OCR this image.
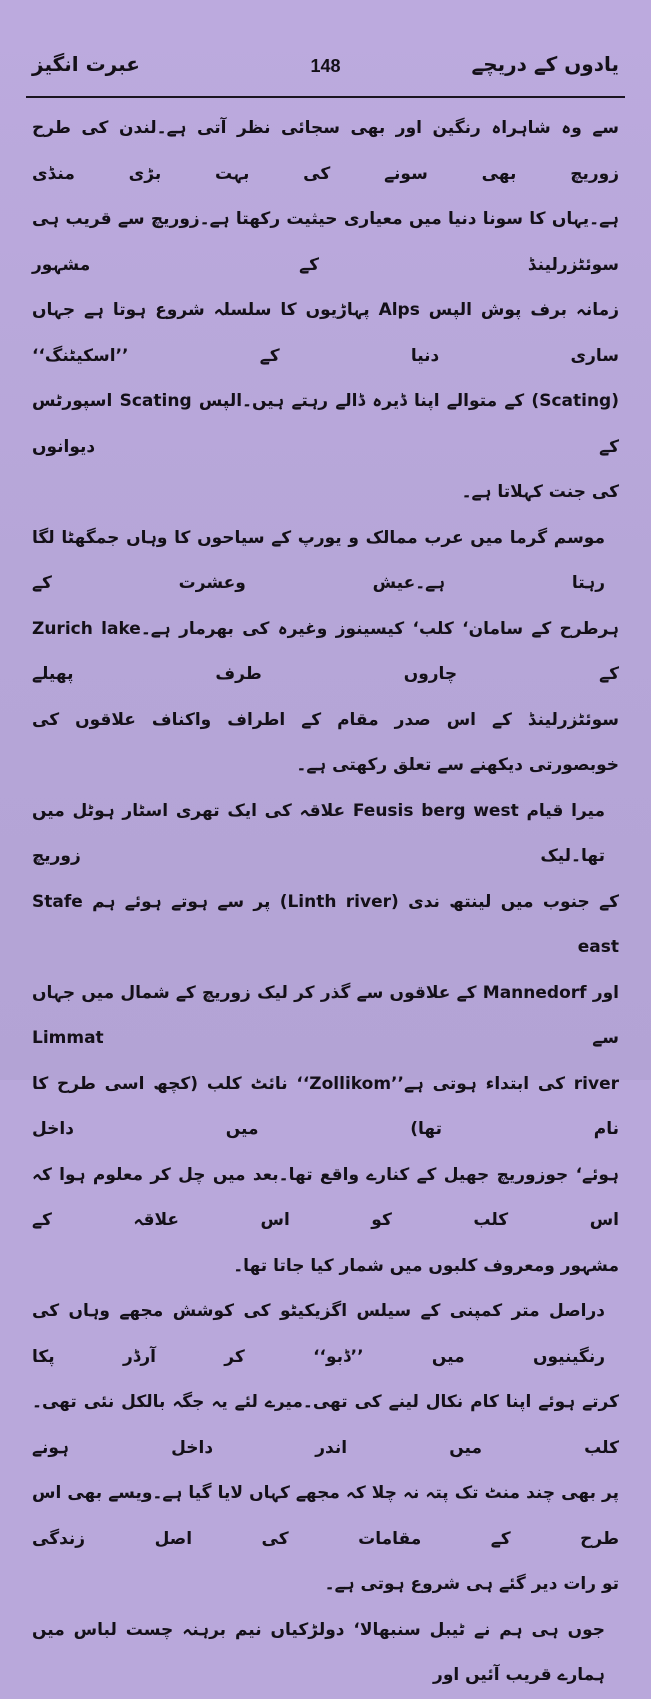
یادوں کے دریچے
148
عبرت انگیز

سے وہ شاہراہ رنگین اور بھی سجائی نظر آتی ہے۔لندن کی طرح زوریچ بھی سونے کی بہت بڑی منڈی

ہے۔یہاں کا سونا دنیا میں معیاری حیثیت رکھتا ہے۔زوریچ سے قریب ہی سوئٹزرلینڈ کے مشہور

زمانہ برف پوش الپس Alps پہاڑیوں کا سلسلہ شروع ہوتا ہے جہاں ساری دنیا کے ’’اسکیٹنگ‘‘

(Scating) کے متوالے اپنا ڈیرہ ڈالے رہتے ہیں۔الپس Scating اسپورٹس کے دیوانوں

کی جنت کہلاتا ہے۔

موسم گرما میں عرب ممالک و یورپ کے سیاحوں کا وہاں جمگھٹا لگا رہتا ہے۔عیش وعشرت کے

ہرطرح کے سامان‘ کلب‘ کیسینوز وغیرہ کی بھرمار ہے۔Zurich lake کے چاروں طرف پھیلے

سوئٹزرلینڈ کے اس صدر مقام کے اطراف واکناف علاقوں کی خوبصورتی دیکھنے سے تعلق رکھتی ہے۔

میرا قیام Feusis berg west علاقہ کی ایک تھری اسٹار ہوٹل میں تھا۔لیک زوریچ

کے جنوب میں لینتھ ندی (Linth river) پر سے ہوتے ہوئے ہم Stafe east

اور Mannedorf کے علاقوں سے گذر کر لیک زوریچ کے شمال میں جہاں سے Limmat

river کی ابتداء ہوتی ہے’’Zollikom‘‘ نائٹ کلب (کچھ اسی طرح کا نام تھا) میں داخل

ہوئے‘ جوزوریچ جھیل کے کنارے واقع تھا۔بعد میں چل کر معلوم ہوا کہ اس کلب کو اس علاقہ کے

مشہور ومعروف کلبوں میں شمار کیا جاتا تھا۔

دراصل متر کمپنی کے سیلس اگزیکیٹو کی کوشش مجھے وہاں کی رنگینیوں میں ’’ڈبو‘‘ کر آرڈر پکا

کرتے ہوئے اپنا کام نکال لینے کی تھی۔میرے لئے یہ جگہ بالکل نئی تھی۔کلب میں اندر داخل ہونے

پر بھی چند منٹ تک پتہ نہ چلا کہ مجھے کہاں لایا گیا ہے۔ویسے بھی اس طرح کے مقامات کی اصل زندگی

تو رات دیر گئے ہی شروع ہوتی ہے۔

جوں ہی ہم نے ٹیبل سنبھالا‘ دولڑکیاں نیم برہنہ چست لباس میں ہمارے قریب آئیں اور
